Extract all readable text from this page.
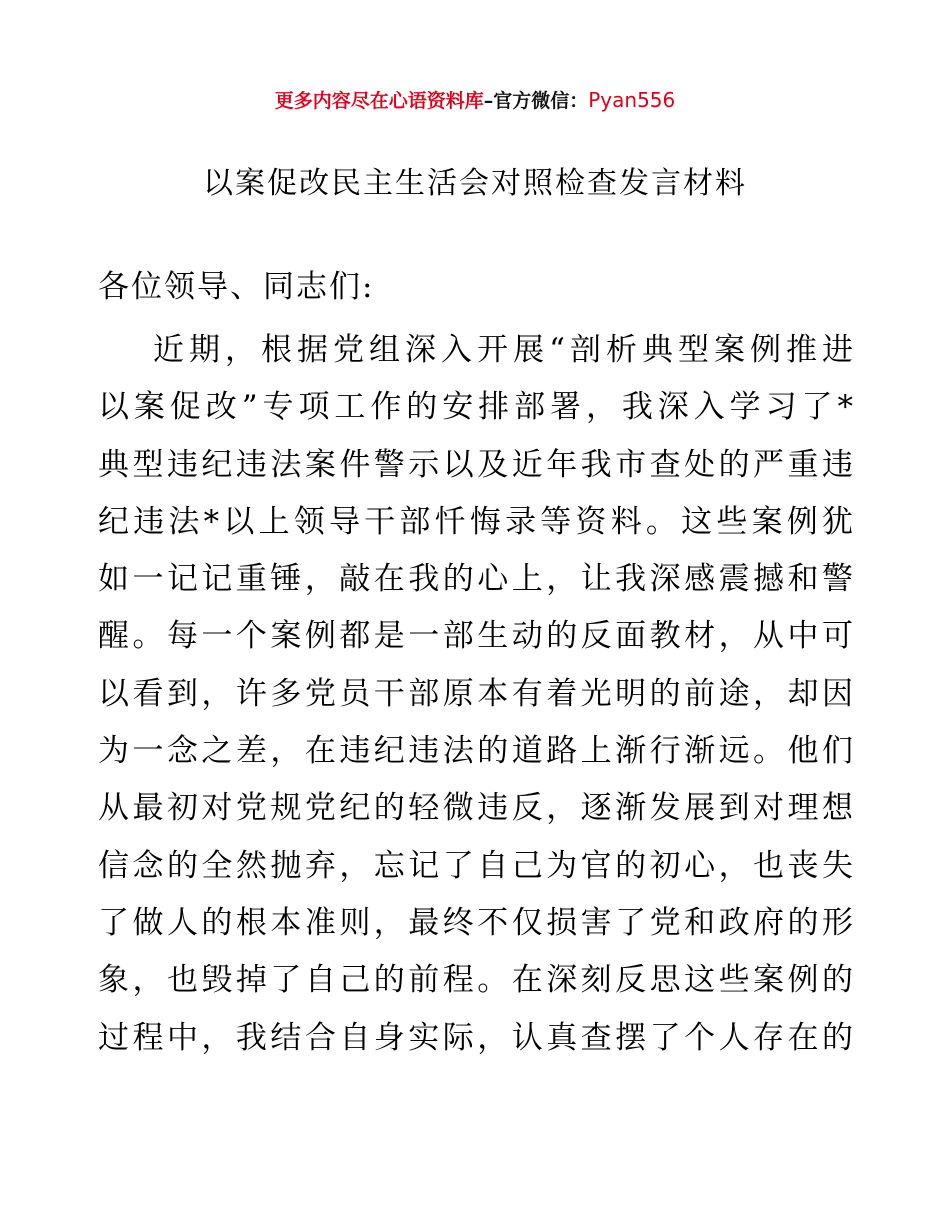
更多内容尽在心语资料库–官方微信：Pyan556
以案促改民主生活会对照检查发言材料
各位领导、同志们:
近期，根据党组深入开展“剖析典型案例推进
以案促改”专项工作的安排部署，我深入学习了*
典型违纪违法案件警示以及近年我市查处的严重违
纪违法*以上领导干部忏悔录等资料。这些案例犹
如一记记重锤，敲在我的心上，让我深感震撼和警
醒。每一个案例都是一部生动的反面教材，从中可
以看到，许多党员干部原本有着光明的前途，却因
为一念之差，在违纪违法的道路上渐行渐远。他们
从最初对党规党纪的轻微违反，逐渐发展到对理想
信念的全然抛弃，忘记了自己为官的初心，也丧失
了做人的根本准则，最终不仅损害了党和政府的形
象，也毁掉了自己的前程。在深刻反思这些案例的
过程中，我结合自身实际，认真查摆了个人存在的
